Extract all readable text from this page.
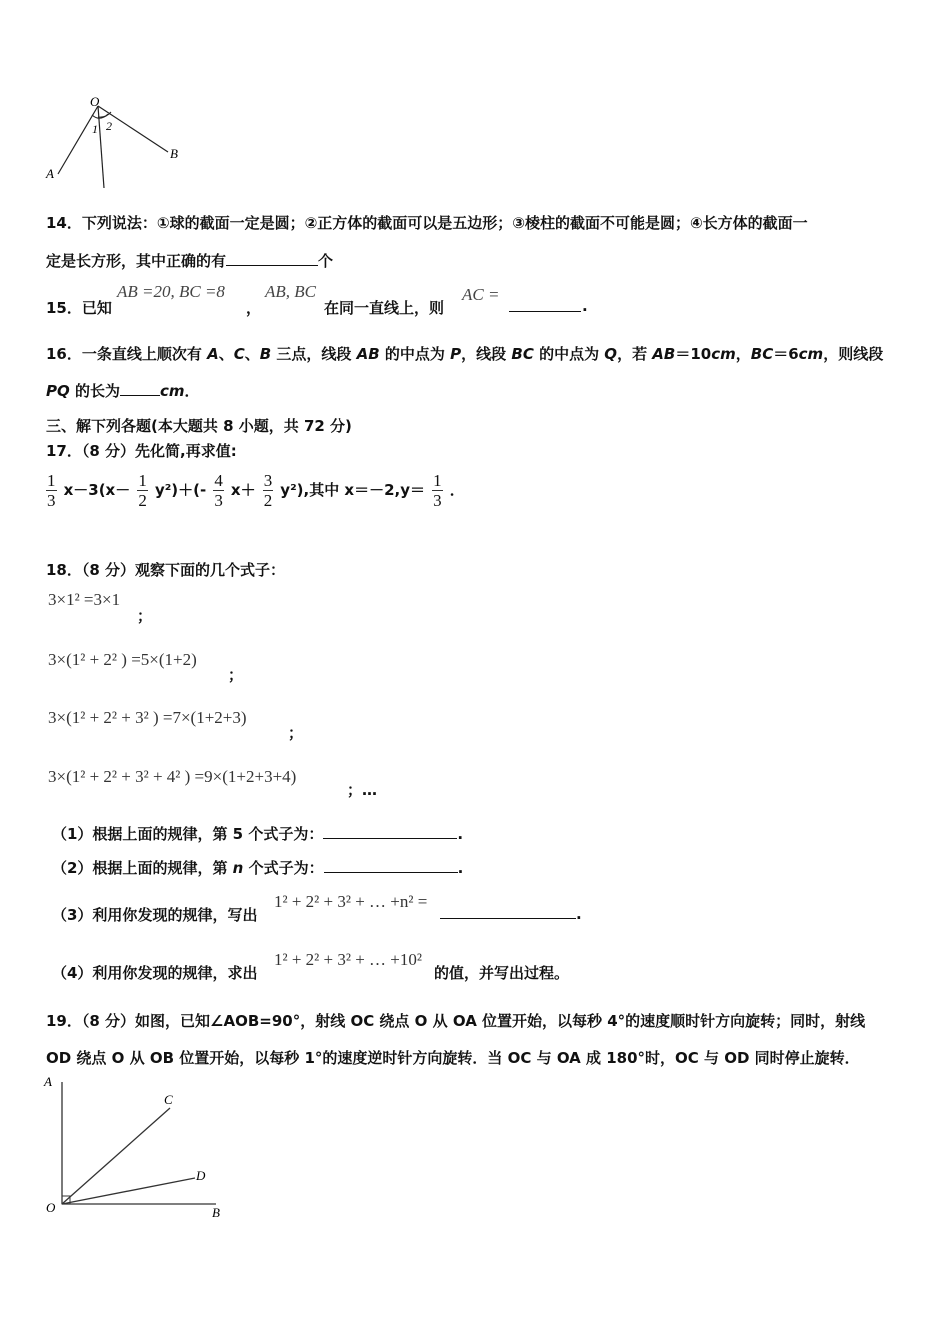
O
A
B
1 2
14．下列说法：①球的截面一定是圆；②正方体的截面可以是五边形；③棱柱的截面不可能是圆；④长方体的截面一
定是长方形，其中正确的有	个
15．已知
AB =20, BC =8
，
AB, BC
在同一直线上，则
AC =
.
16．一条直线上顺次有 A、C、B 三点，线段 AB 的中点为 P，线段 BC 的中点为 Q，若 AB＝10cm，BC＝6cm，则线段
PQ 的长为	cm．
三、解下列各题(本大题共 8 小题，共 72 分)
17．（8 分）先化简,再求值:
$\frac{1}{3} x-3(x- \frac{1}{2} y^2)+(- \frac{4}{3} x+ \frac{3}{2} y^2)$,其中 $x=-2,y= \frac{1}{3}$ ．
18．（8 分）观察下面的几个式子：
3×1² =3×1
；
3×(1² + 2² ) =5×(1+2)
；
3×(1² + 2² + 3² ) =7×(1+2+3)
；
3×(1² + 2² + 3² + 4² ) =9×(1+2+3+4)
；…
（1）根据上面的规律，第 5 个式子为：	.
（2）根据上面的规律，第 n 个式子为：	.
（3）利用你发现的规律，写出
1² + 2² + 3² + … +n² =
.
（4）利用你发现的规律，求出
1² + 2² + 3² + … +10²
的值，并写出过程。
19．（8 分）如图，已知∠AOB=90°，射线 OC 绕点 O 从 OA 位置开始，以每秒 4°的速度顺时针方向旋转；同时，射线
OD 绕点 O 从 OB 位置开始，以每秒 1°的速度逆时针方向旋转．当 OC 与 OA 成 180°时，OC 与 OD 同时停止旋转．
A
O	B
C
D
